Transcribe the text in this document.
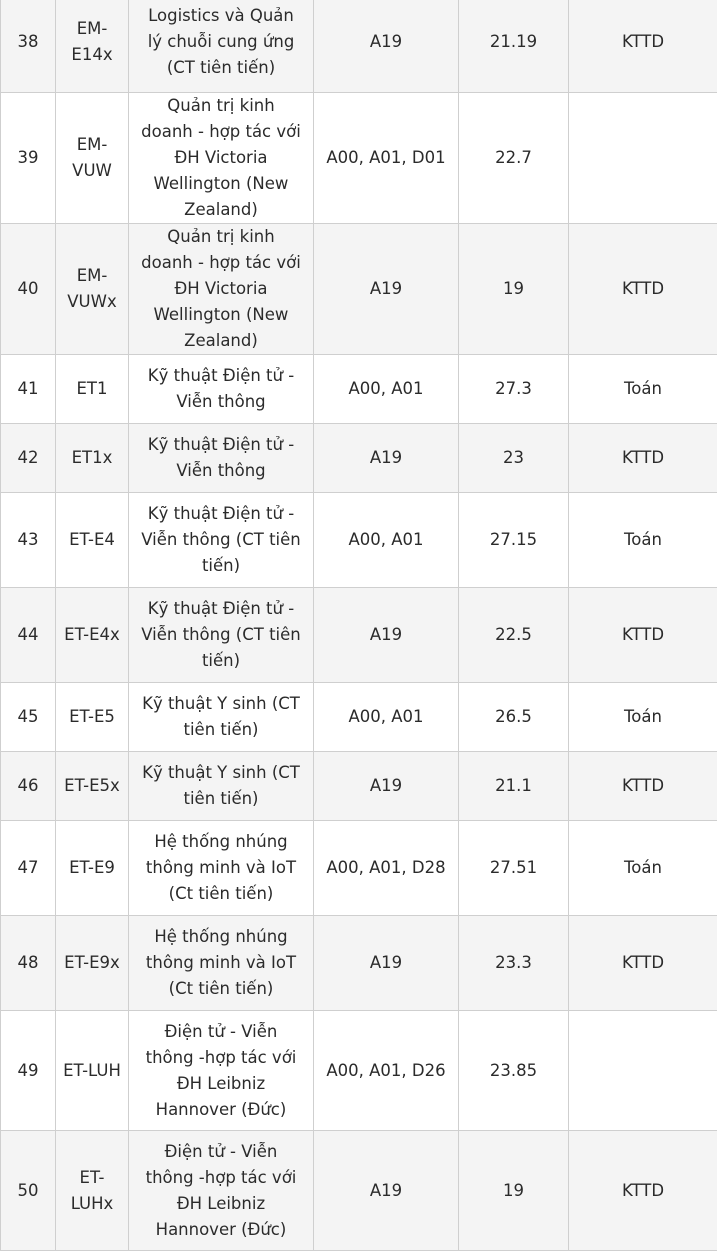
38	EM-E14x	Logistics và Quản lý chuỗi cung ứng (CT tiên tiến)	A19	21.19	KTTD
39	EM-VUW	Quản trị kinh doanh - hợp tác với ĐH Victoria Wellington (New Zealand)	A00, A01, D01	22.7	
40	EM-VUWx	Quản trị kinh doanh - hợp tác với ĐH Victoria Wellington (New Zealand)	A19	19	KTTD
41	ET1	Kỹ thuật Điện tử - Viễn thông	A00, A01	27.3	Toán
42	ET1x	Kỹ thuật Điện tử - Viễn thông	A19	23	KTTD
43	ET-E4	Kỹ thuật Điện tử - Viễn thông (CT tiên tiến)	A00, A01	27.15	Toán
44	ET-E4x	Kỹ thuật Điện tử - Viễn thông (CT tiên tiến)	A19	22.5	KTTD
45	ET-E5	Kỹ thuật Y sinh (CT tiên tiến)	A00, A01	26.5	Toán
46	ET-E5x	Kỹ thuật Y sinh (CT tiên tiến)	A19	21.1	KTTD
47	ET-E9	Hệ thống nhúng thông minh và IoT (Ct tiên tiến)	A00, A01, D28	27.51	Toán
48	ET-E9x	Hệ thống nhúng thông minh và IoT (Ct tiên tiến)	A19	23.3	KTTD
49	ET-LUH	Điện tử - Viễn thông -hợp tác với ĐH Leibniz Hannover (Đức)	A00, A01, D26	23.85	
50	ET-LUHx	Điện tử - Viễn thông -hợp tác với ĐH Leibniz Hannover (Đức)	A19	19	KTTD
